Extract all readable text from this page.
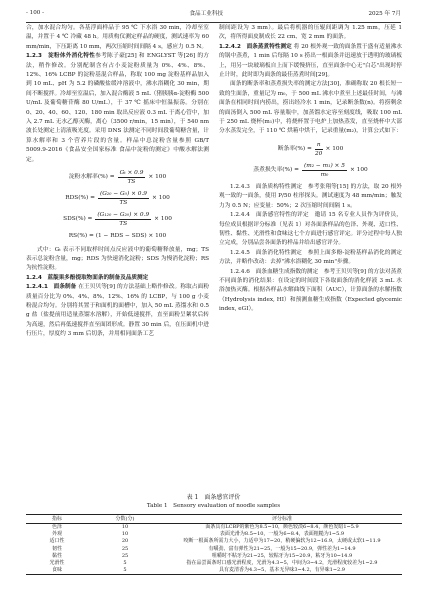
- 100 -	食品工业科技	2025 年 7月

合，加水混合均匀。各基浮面样品于 95 ℃ 下水浴 30 min，冷却至室温，并置于 4 ℃ 冷藏 48 h。用质构仪测定样品的硬度，测试速率为 60 mm/min，下压距离 10 mm，两次压缩时间间隔 4 s，感应力 0.5 N。

1.2.3　淀粉体外消化特性参考陈子豪[25] 和 ENGLYST 等[26] 的方法，稍作修改。分别配制含有占小麦淀粉质量为 0%、4%、8%、12%、16% LCBP 的淀粉基混合样品，称取 100 mg 淀粉基样品加入到 10 mL、pH 为 5.2 的磷酸盐缓冲溶液中，沸水浴糊化 30 min，期间不断搅拌。冷却至室温后，加入混合酶液 5 mL（猪胰胰α-淀粉酶 500 U/mL 及葡萄糖苷酶 80 U/mL），于 37 ℃ 摇床中恒温振荡。分别在 0、20、40、60、120、180 min 取出反应液 0.3 mL 于离心管中，加入 2.7 mL 无水乙醇灭酶，离心（3500 r/min，15 min），于 540 nm 波长处测定上清液吸光度。采用 DNS 法测定不同时间段葡萄糖含量，计算水解率和 3 个营养片段的含量。样品中总淀粉含量参照 GB/T 5009.9-2016《食品安全国家标准 食品中淀粉的测定》中酸水解法测定。

淀粉水解率(%) = $\frac{\text{Gₜ × 0.9}}{TS} \times 100$
$RDS(\%) = \frac{\text{(G₂₀ − G₀) × 0.9}}{TS} \times 100$
$SDS(\%) = \frac{\text{(G₁₂₀ − G₂₀) × 0.9}}{TS} \times 100$
RS(%) = (1 − RDS − SDS) × 100

式中：Gₜ 表示不同取样时间点反应液中的葡萄糖释放量，mg；TS 表示总淀粉含量，mg；RDS 为快速消化淀粉；SDS 为慢消化淀粉；RS 为抗性淀粉。

1.2.4　蓝靛果多酚提取物面条的制备及品质测定

1.2.4.1　面条制备 在王贝贝等[9] 的方法基础上略作修改。称取占面粉质量百分比为 0%、4%、8%、12%、16% 的 LCBP，与 100 g 小麦粉混合均匀。分别将其置于和面机的面槽中，加入 50 mL 蒸馏水和 0.5 g 盐（盐提前用适量蒸馏水溶解），开始低速搅拌，直至面粉呈絮状后转为高速，然后再低速搅拌直至面团形成。静置 30 min 后，在压面机中进行压片，厚度约 3 mm 后切条，并用相同面条工艺

制间距设为 3 mm）。最后将机器的压辊间距调为 1.25 mm，压延 1 次，将所得面皮制成长 22 cm、宽 2 mm 的面条。

1.2.4.2　面条蒸煮特性测定 将 20 根外观一致的面条置于盛有适量沸水的锅中蒸煮，1 min 后每隔 10 s 捞出一根面条并迅速放于透明的玻璃板上，用另一块玻璃板自上而下缓慢挤压，直至面条中心无"白芯"出现时停止计时，此时即为面条的最佳蒸煮时间[29]。

面条的断条率和蒸煮损失率的测定方法[30]，准确称取 20 根长短一致的生面条，重量记为 m₀，于 500 mL 沸水中煮至上述最佳时间，与沸面条在相同时间内捞出，捞出经冷水 1 min，记录断条数(n)。将捞剩余的面汤倒入 500 mL 容量瓶中，加蒸馏水定容至刻度线，吸取 100 mL 于 250 mL 烧杯(m₁)中，将烧杯置于电炉上加热蒸发，直至烧杯中大部分水蒸发完全，于 110 ℃ 烘箱中烘干，记录重量(m₂)，计算公式如下：

断条率(%) = $\frac{n}{20} \times 100$
蒸煮损失率(%) = $\frac{\text{(m₂ − m₁) × 5}}{\text{m₀}} \times 100$

1.2.4.3　面条质构特性测定　参考张翔等[15] 的方法，取 20 根外观一致的一面条，使用 P/50 柱形探头。测试速度为 48 mm/min；触发力为 0.5 N；应变量：50%；2 次压缩时间间隔 1 s。

1.2.4.4　面条感官特性的评定　邀请 15 名专业人员作为评价员，每位成员根据评分标准（见表 1）对各面条样品的色泽、外观、适口性、韧性、黏性、光滑性和食味这七个方面进行感官评定。评分过程中每人独立完成，分别品尝各面条的样品并给出感官评分。

1.2.4.5　面条消化特性测定　参照上面多酚-淀粉基样品消化的测定方法，并略作改动：去掉"沸水浴糊化 30 min"步骤。

1.2.4.6　面条血糖生成指数的测定　参考王贝贝等[9] 的方法对蒸煮不同面条的消化结果：在设定的时间段下各取面条的消化样液 3 mL 水浴加热灭酶。根据各样品水解曲线下面积（AUC），计算面条的水解指数（Hydrolysis index, HI）和预测血糖生成指数（Expected glycemic index, eGI）。

表 1　面条感官评价
Table 1　Sensory evaluation of noodle samples
指标	分数(分)	评分标准
色泽	10	面条具有LCBP的紫色为8.5~10，颜色较淡6~8.4，颜色发暗1~5.9
外观	10	表面光滑为8.5~10，一般为6~8.4，表面粗糙为1~5.9
适口性	20	咬断一根面条所需力大小，力适中为17~20，稍硬偏软为12~16.9，太硬或太软1~11.9
韧性	25	有嚼劲、富有弹性为21~25，一般为15~20.9，弹性差为1~14.9
黏性	25	咀嚼时不粘牙为21~25，较粘牙为15~20.9，粘牙为10~14.9
光滑性	5	指在品尝面条时口感光滑程度，光滑为4.3~5，中间为3~4.2，光滑程度较差为1~2.9
食味	5	具有麦清香为4.3~5，基本无异味3~4.2，有异味1~2.9
